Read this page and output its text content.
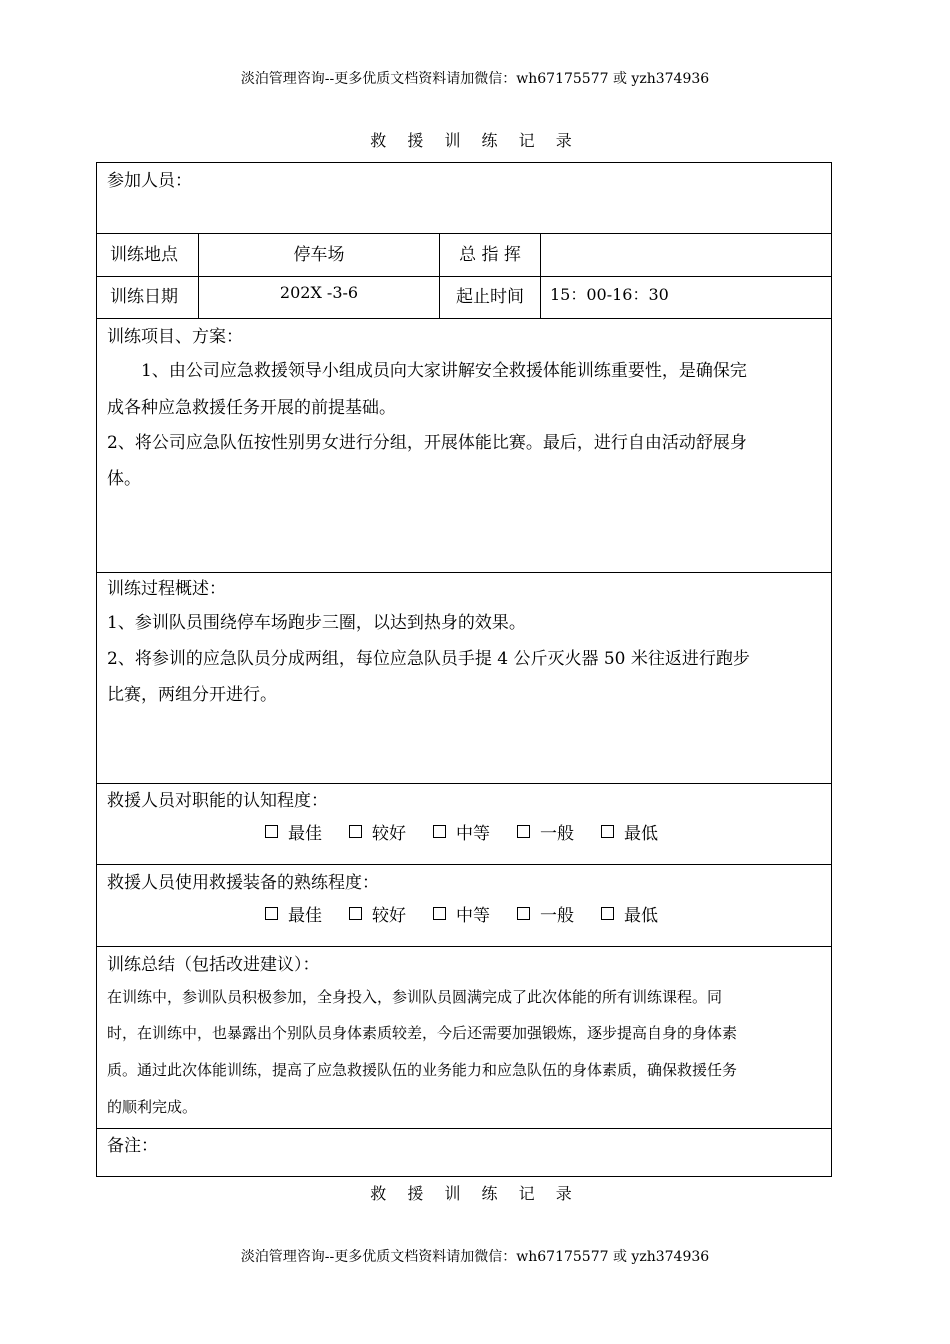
淡泊管理咨询--更多优质文档资料请加微信：wh67175577 或 yzh374936
救 援 训 练 记 录
参加人员：
训练地点	停车场	总 指 挥
训练日期	202X -3-6	起止时间	15：00-16：30
训练项目、方案：
　　1、由公司应急救援领导小组成员向大家讲解安全救援体能训练重要性，是确保完
成各种应急救援任务开展的前提基础。
2、将公司应急队伍按性别男女进行分组，开展体能比赛。最后，进行自由活动舒展身
体。
训练过程概述：
1、参训队员围绕停车场跑步三圈，以达到热身的效果。
2、将参训的应急队员分成两组，每位应急队员手提 4 公斤灭火器 50 米往返进行跑步
比赛，两组分开进行。
救援人员对职能的认知程度：
最佳	较好	中等	一般	最低
救援人员使用救援装备的熟练程度：
最佳	较好	中等	一般	最低
训练总结（包括改进建议）：
在训练中，参训队员积极参加，全身投入，参训队员圆满完成了此次体能的所有训练课程。同
时，在训练中，也暴露出个别队员身体素质较差，今后还需要加强锻炼，逐步提高自身的身体素
质。通过此次体能训练，提高了应急救援队伍的业务能力和应急队伍的身体素质，确保救援任务
的顺利完成。
备注：
救 援 训 练 记 录
淡泊管理咨询--更多优质文档资料请加微信：wh67175577 或 yzh374936
